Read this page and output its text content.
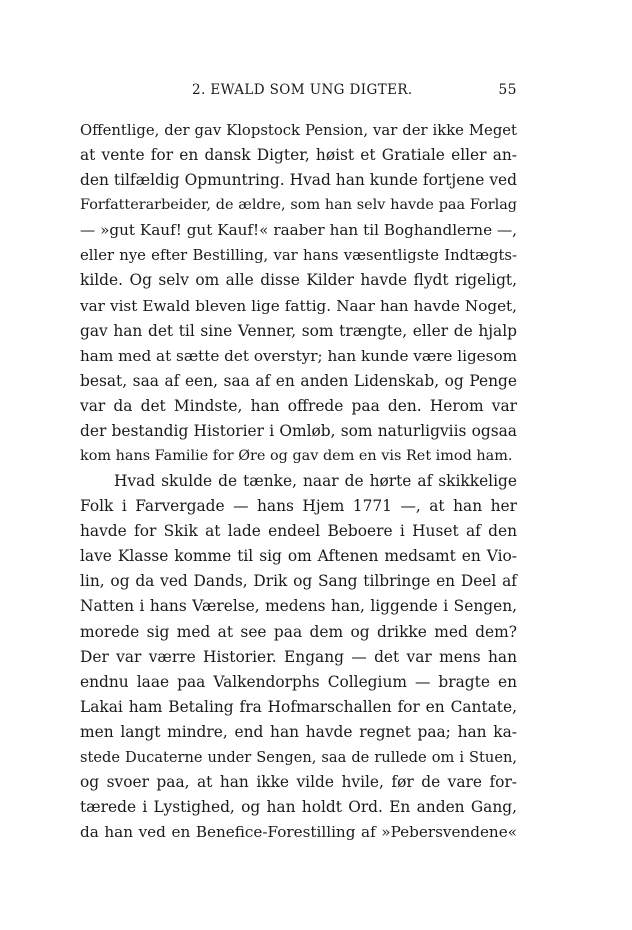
2. EWALD SOM UNG DIGTER.	55
Offentlige, der gav Klopstock Pension, var der ikke Meget
at vente for en dansk Digter, høist et Gratiale eller an-
den tilfældig Opmuntring. Hvad han kunde fortjene ved
Forfatterarbeider, de ældre, som han selv havde paa Forlag
— »gut Kauf! gut Kauf!« raaber han til Boghandlerne —,
eller nye efter Bestilling, var hans væsentligste Indtægts-
kilde. Og selv om alle disse Kilder havde flydt rigeligt,
var vist Ewald bleven lige fattig. Naar han havde Noget,
gav han det til sine Venner, som trængte, eller de hjalp
ham med at sætte det overstyr; han kunde være ligesom
besat, saa af een, saa af en anden Lidenskab, og Penge
var da det Mindste, han offrede paa den. Herom var
der bestandig Historier i Omløb, som naturligviis ogsaa
kom hans Familie for Øre og gav dem en vis Ret imod ham.
Hvad skulde de tænke, naar de hørte af skikkelige
Folk i Farvergade — hans Hjem 1771 —, at han her
havde for Skik at lade endeel Beboere i Huset af den
lave Klasse komme til sig om Aftenen medsamt en Vio-
lin, og da ved Dands, Drik og Sang tilbringe en Deel af
Natten i hans Værelse, medens han, liggende i Sengen,
morede sig med at see paa dem og drikke med dem?
Der var værre Historier. Engang — det var mens han
endnu laae paa Valkendorphs Collegium — bragte en
Lakai ham Betaling fra Hofmarschallen for en Cantate,
men langt mindre, end han havde regnet paa; han ka-
stede Ducaterne under Sengen, saa de rullede om i Stuen,
og svoer paa, at han ikke vilde hvile, før de vare for-
tærede i Lystighed, og han holdt Ord. En anden Gang,
da han ved en Benefice-Forestilling af »Pebersvendene«
